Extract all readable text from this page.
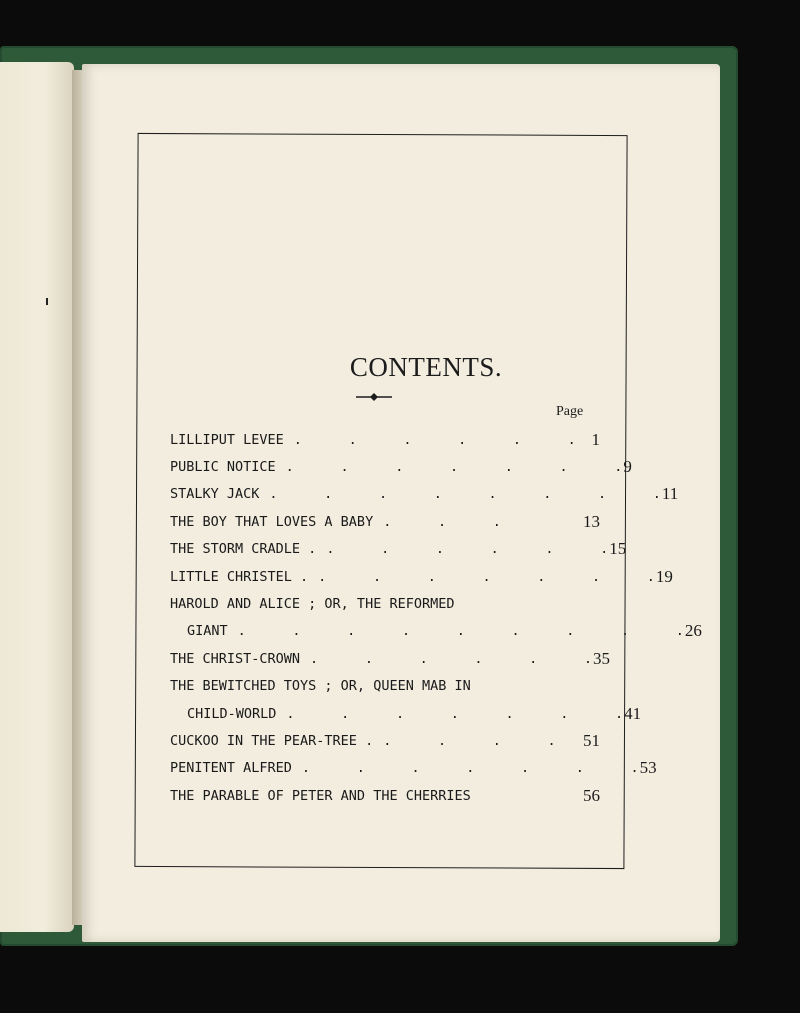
CONTENTS.
Page
LILLIPUT LEVEE .     .     .     .     .     . 1
PUBLIC NOTICE .     .     .     .     .     .     . 9
STALKY JACK .     .     .     .     .     .     .     . 11
THE BOY THAT LOVES A BABY .     .     .	13
THE STORM CRADLE . .     .     .     .     .     . 15
LITTLE CHRISTEL . .     .     .     .     .     .     . 19
HAROLD AND ALICE ; OR, THE REFORMED
GIANT .     .     .     .     .     .     .     .     . 26
THE CHRIST-CROWN .     .     .     .     .     . 35
THE BEWITCHED TOYS ; OR, QUEEN MAB IN
CHILD-WORLD .     .     .     .     .     .     . 41
CUCKOO IN THE PEAR-TREE . .     .     .     .	51
PENITENT ALFRED .     .     .     .     .     .     . 53
THE PARABLE OF PETER AND THE CHERRIES	56
